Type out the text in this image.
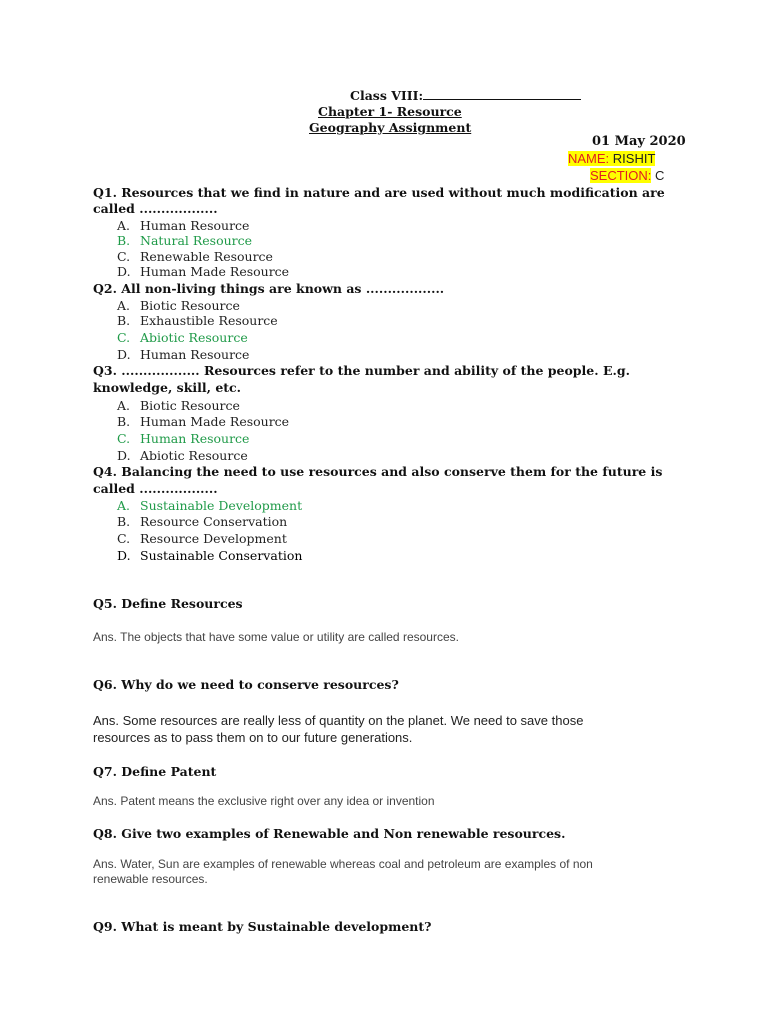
Class VIII:
Chapter 1- Resource
Geography Assignment
01 May 2020
NAME: RISHIT
SECTION: C
Q1. Resources that we find in nature and are used without much modification are
called ..................
A. Human Resource
B. Natural Resource
C. Renewable Resource
D. Human Made Resource
Q2. All non-living things are known as ..................
A. Biotic Resource
B. Exhaustible Resource
C. Abiotic Resource
D. Human Resource
Q3. .................. Resources refer to the number and ability of the people. E.g.
knowledge, skill, etc.
A. Biotic Resource
B. Human Made Resource
C. Human Resource
D. Abiotic Resource
Q4. Balancing the need to use resources and also conserve them for the future is
called ..................
A. Sustainable Development
B. Resource Conservation
C. Resource Development
D. Sustainable Conservation
Q5. Define Resources
Ans. The objects that have some value or utility are called resources.
Q6. Why do we need to conserve resources?
Ans. Some resources are really less of quantity on the planet. We need to save those
resources as to pass them on to our future generations.
Q7. Define Patent
Ans. Patent means the exclusive right over any idea or invention
Q8. Give two examples of Renewable and Non renewable resources.
Ans. Water, Sun are examples of renewable whereas coal and petroleum are examples of non
renewable resources.
Q9. What is meant by Sustainable development?
